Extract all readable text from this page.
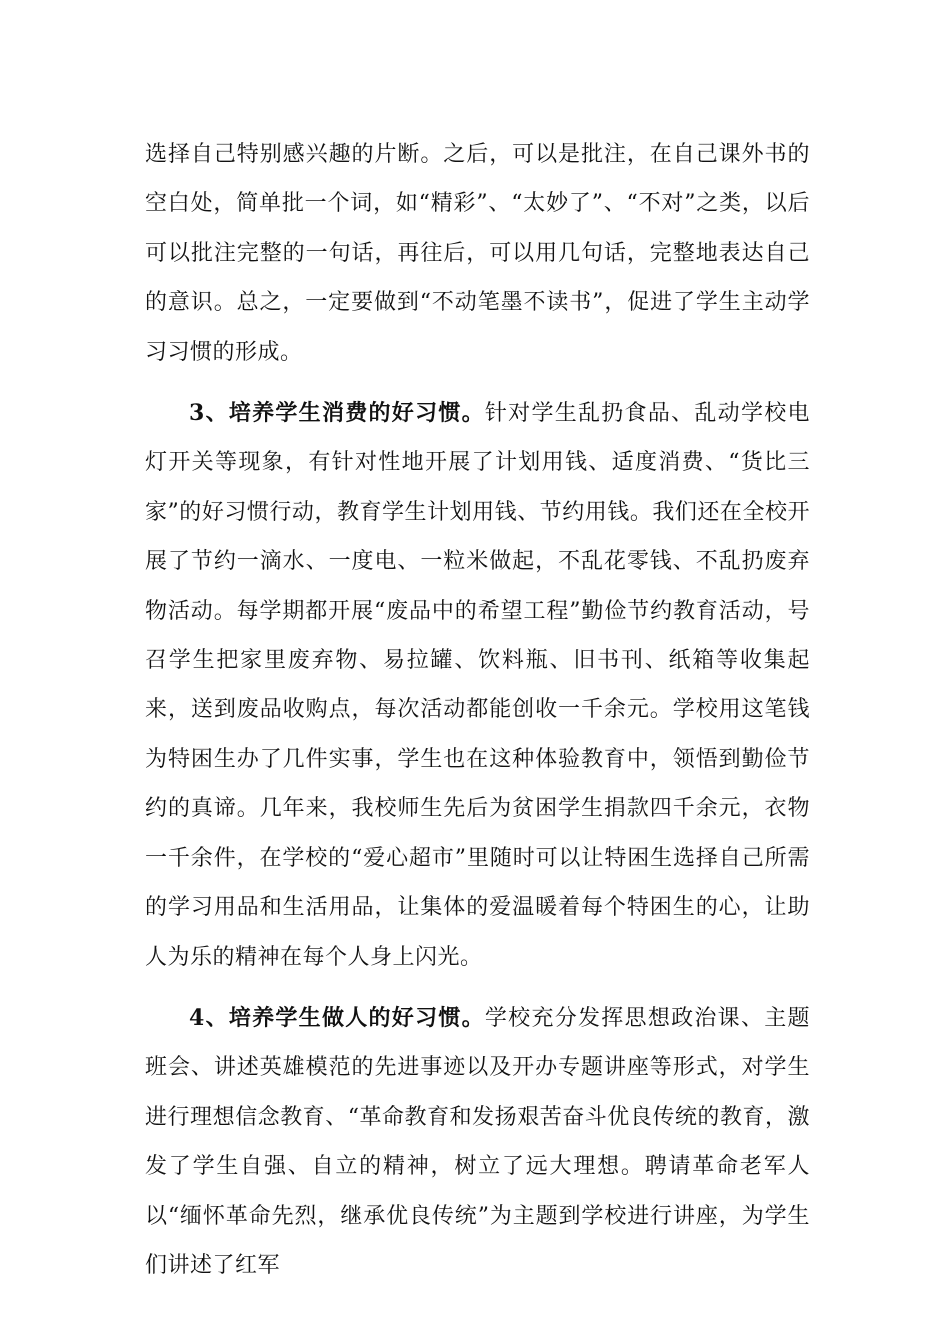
选择自己特别感兴趣的片断。之后，可以是批注，在自己课外书的空白处，简单批一个词，如“精彩”、“太妙了”、“不对”之类，以后可以批注完整的一句话，再往后，可以用几句话，完整地表达自己的意识。总之，一定要做到“不动笔墨不读书”，促进了学生主动学习习惯的形成。

3、培养学生消费的好习惯。针对学生乱扔食品、乱动学校电灯开关等现象，有针对性地开展了计划用钱、适度消费、“货比三家”的好习惯行动，教育学生计划用钱、节约用钱。我们还在全校开展了节约一滴水、一度电、一粒米做起，不乱花零钱、不乱扔废弃物活动。每学期都开展“废品中的希望工程”勤俭节约教育活动，号召学生把家里废弃物、易拉罐、饮料瓶、旧书刊、纸箱等收集起来，送到废品收购点，每次活动都能创收一千余元。学校用这笔钱为特困生办了几件实事，学生也在这种体验教育中，领悟到勤俭节约的真谛。几年来，我校师生先后为贫困学生捐款四千余元，衣物一千余件，在学校的“爱心超市”里随时可以让特困生选择自己所需的学习用品和生活用品，让集体的爱温暖着每个特困生的心，让助人为乐的精神在每个人身上闪光。

4、培养学生做人的好习惯。学校充分发挥思想政治课、主题班会、讲述英雄模范的先进事迹以及开办专题讲座等形式，对学生进行理想信念教育、“革命教育和发扬艰苦奋斗优良传统的教育，激发了学生自强、自立的精神，树立了远大理想。聘请革命老军人以“缅怀革命先烈，继承优良传统”为主题到学校进行讲座，为学生们讲述了红军
